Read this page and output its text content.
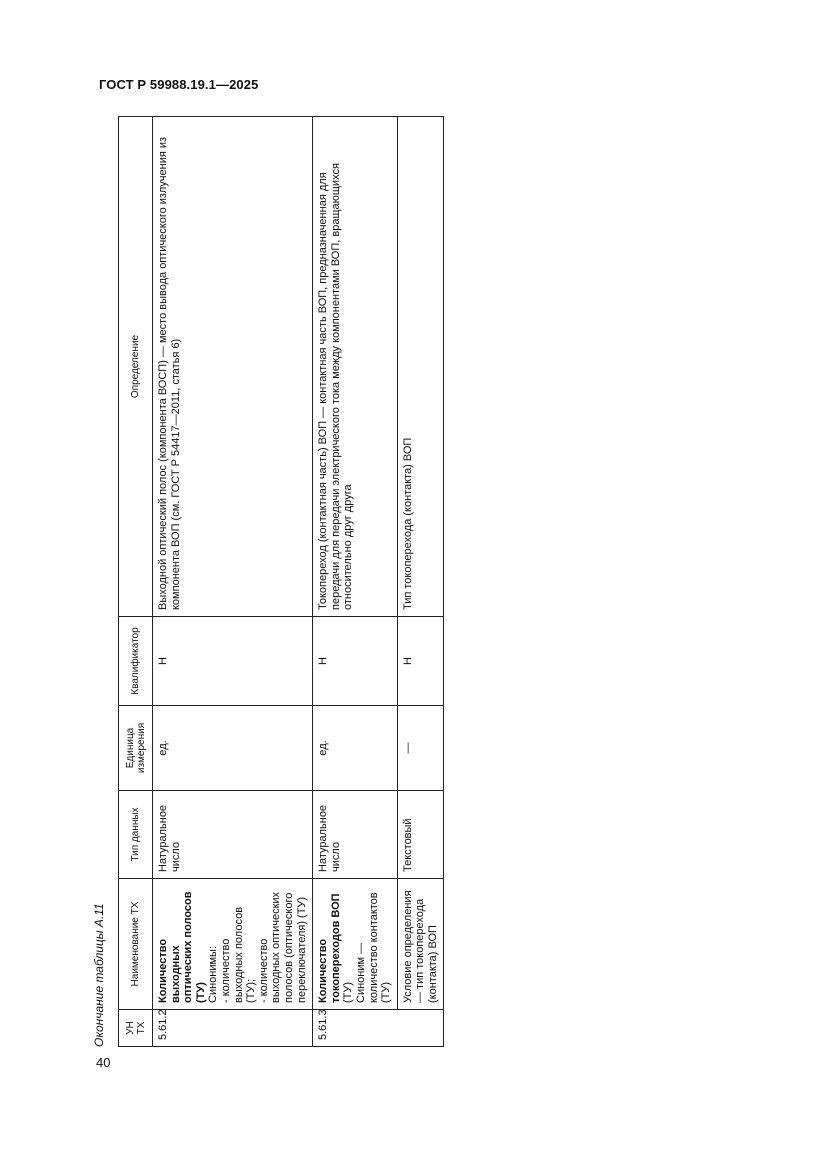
ГОСТ Р 59988.19.1—2025
Окончание таблицы А.11 УН ТХ	Наименование ТХ	Тип данных	Единица измерения	Квалификатор	Определение
5.61.2	Количество выходных оптических полосов (ТУ) Синонимы: - количество выходных полосов (ТУ); - количество выходных оптических полосов (оптического переключателя) (ТУ)	Натуральное число	ед.	Н	Выходной оптический полос (компонента ВОСП) — место вывода оптического излучения из компонента ВОП (см. ГОСТ Р 54417—2011, статья 6)
5.61.3	Количество токопереходов ВОП (ТУ) Синоним — количество контактов (ТУ)	Натуральное число	ед.	Н	Токопереход (контактная часть) ВОП — контактная часть ВОП, предназначенная для передачи для передачи электрического тока между компонентами ВОП, вращающихся относительно друг друга

	Условие определения — тип токоперехода (контакта) ВОП	Текстовый	—	Н	Тип токоперехода (контакта) ВОП
40
